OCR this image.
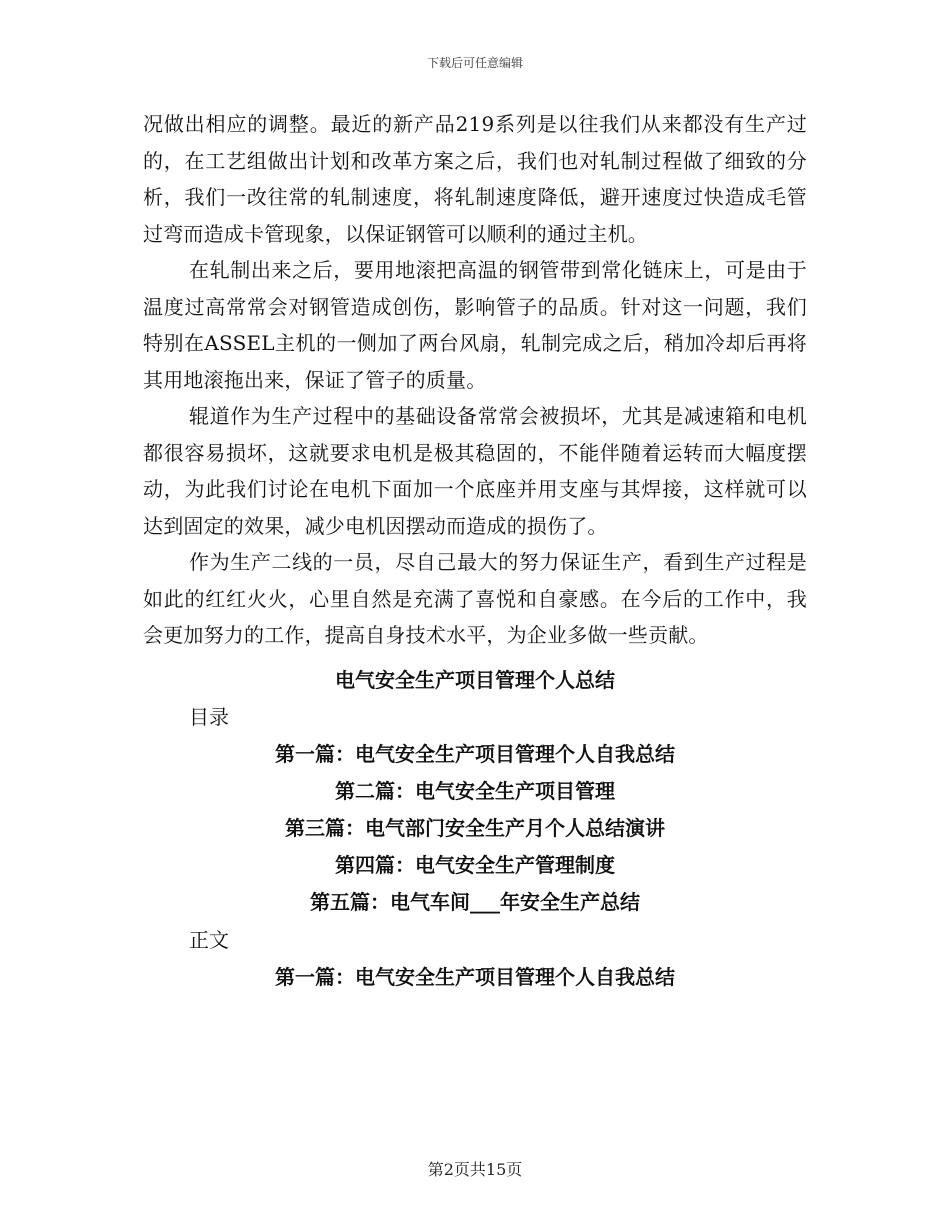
下载后可任意编辑

况做出相应的调整。最近的新产品219系列是以往我们从来都没有生产过的，在工艺组做出计划和改革方案之后，我们也对轧制过程做了细致的分析，我们一改往常的轧制速度，将轧制速度降低，避开速度过快造成毛管过弯而造成卡管现象，以保证钢管可以顺利的通过主机。

在轧制出来之后，要用地滚把高温的钢管带到常化链床上，可是由于温度过高常常会对钢管造成创伤，影响管子的品质。针对这一问题，我们特别在ASSEL主机的一侧加了两台风扇，轧制完成之后，稍加冷却后再将其用地滚拖出来，保证了管子的质量。

辊道作为生产过程中的基础设备常常会被损坏，尤其是减速箱和电机都很容易损坏，这就要求电机是极其稳固的，不能伴随着运转而大幅度摆动，为此我们讨论在电机下面加一个底座并用支座与其焊接，这样就可以达到固定的效果，减少电机因摆动而造成的损伤了。

作为生产二线的一员，尽自己最大的努力保证生产，看到生产过程是如此的红红火火，心里自然是充满了喜悦和自豪感。在今后的工作中，我会更加努力的工作，提高自身技术水平，为企业多做一些贡献。

电气安全生产项目管理个人总结

目录

第一篇：电气安全生产项目管理个人自我总结
第二篇：电气安全生产项目管理
第三篇：电气部门安全生产月个人总结演讲
第四篇：电气安全生产管理制度
第五篇：电气车间___年安全生产总结

正文

第一篇：电气安全生产项目管理个人自我总结
第2页共15页
